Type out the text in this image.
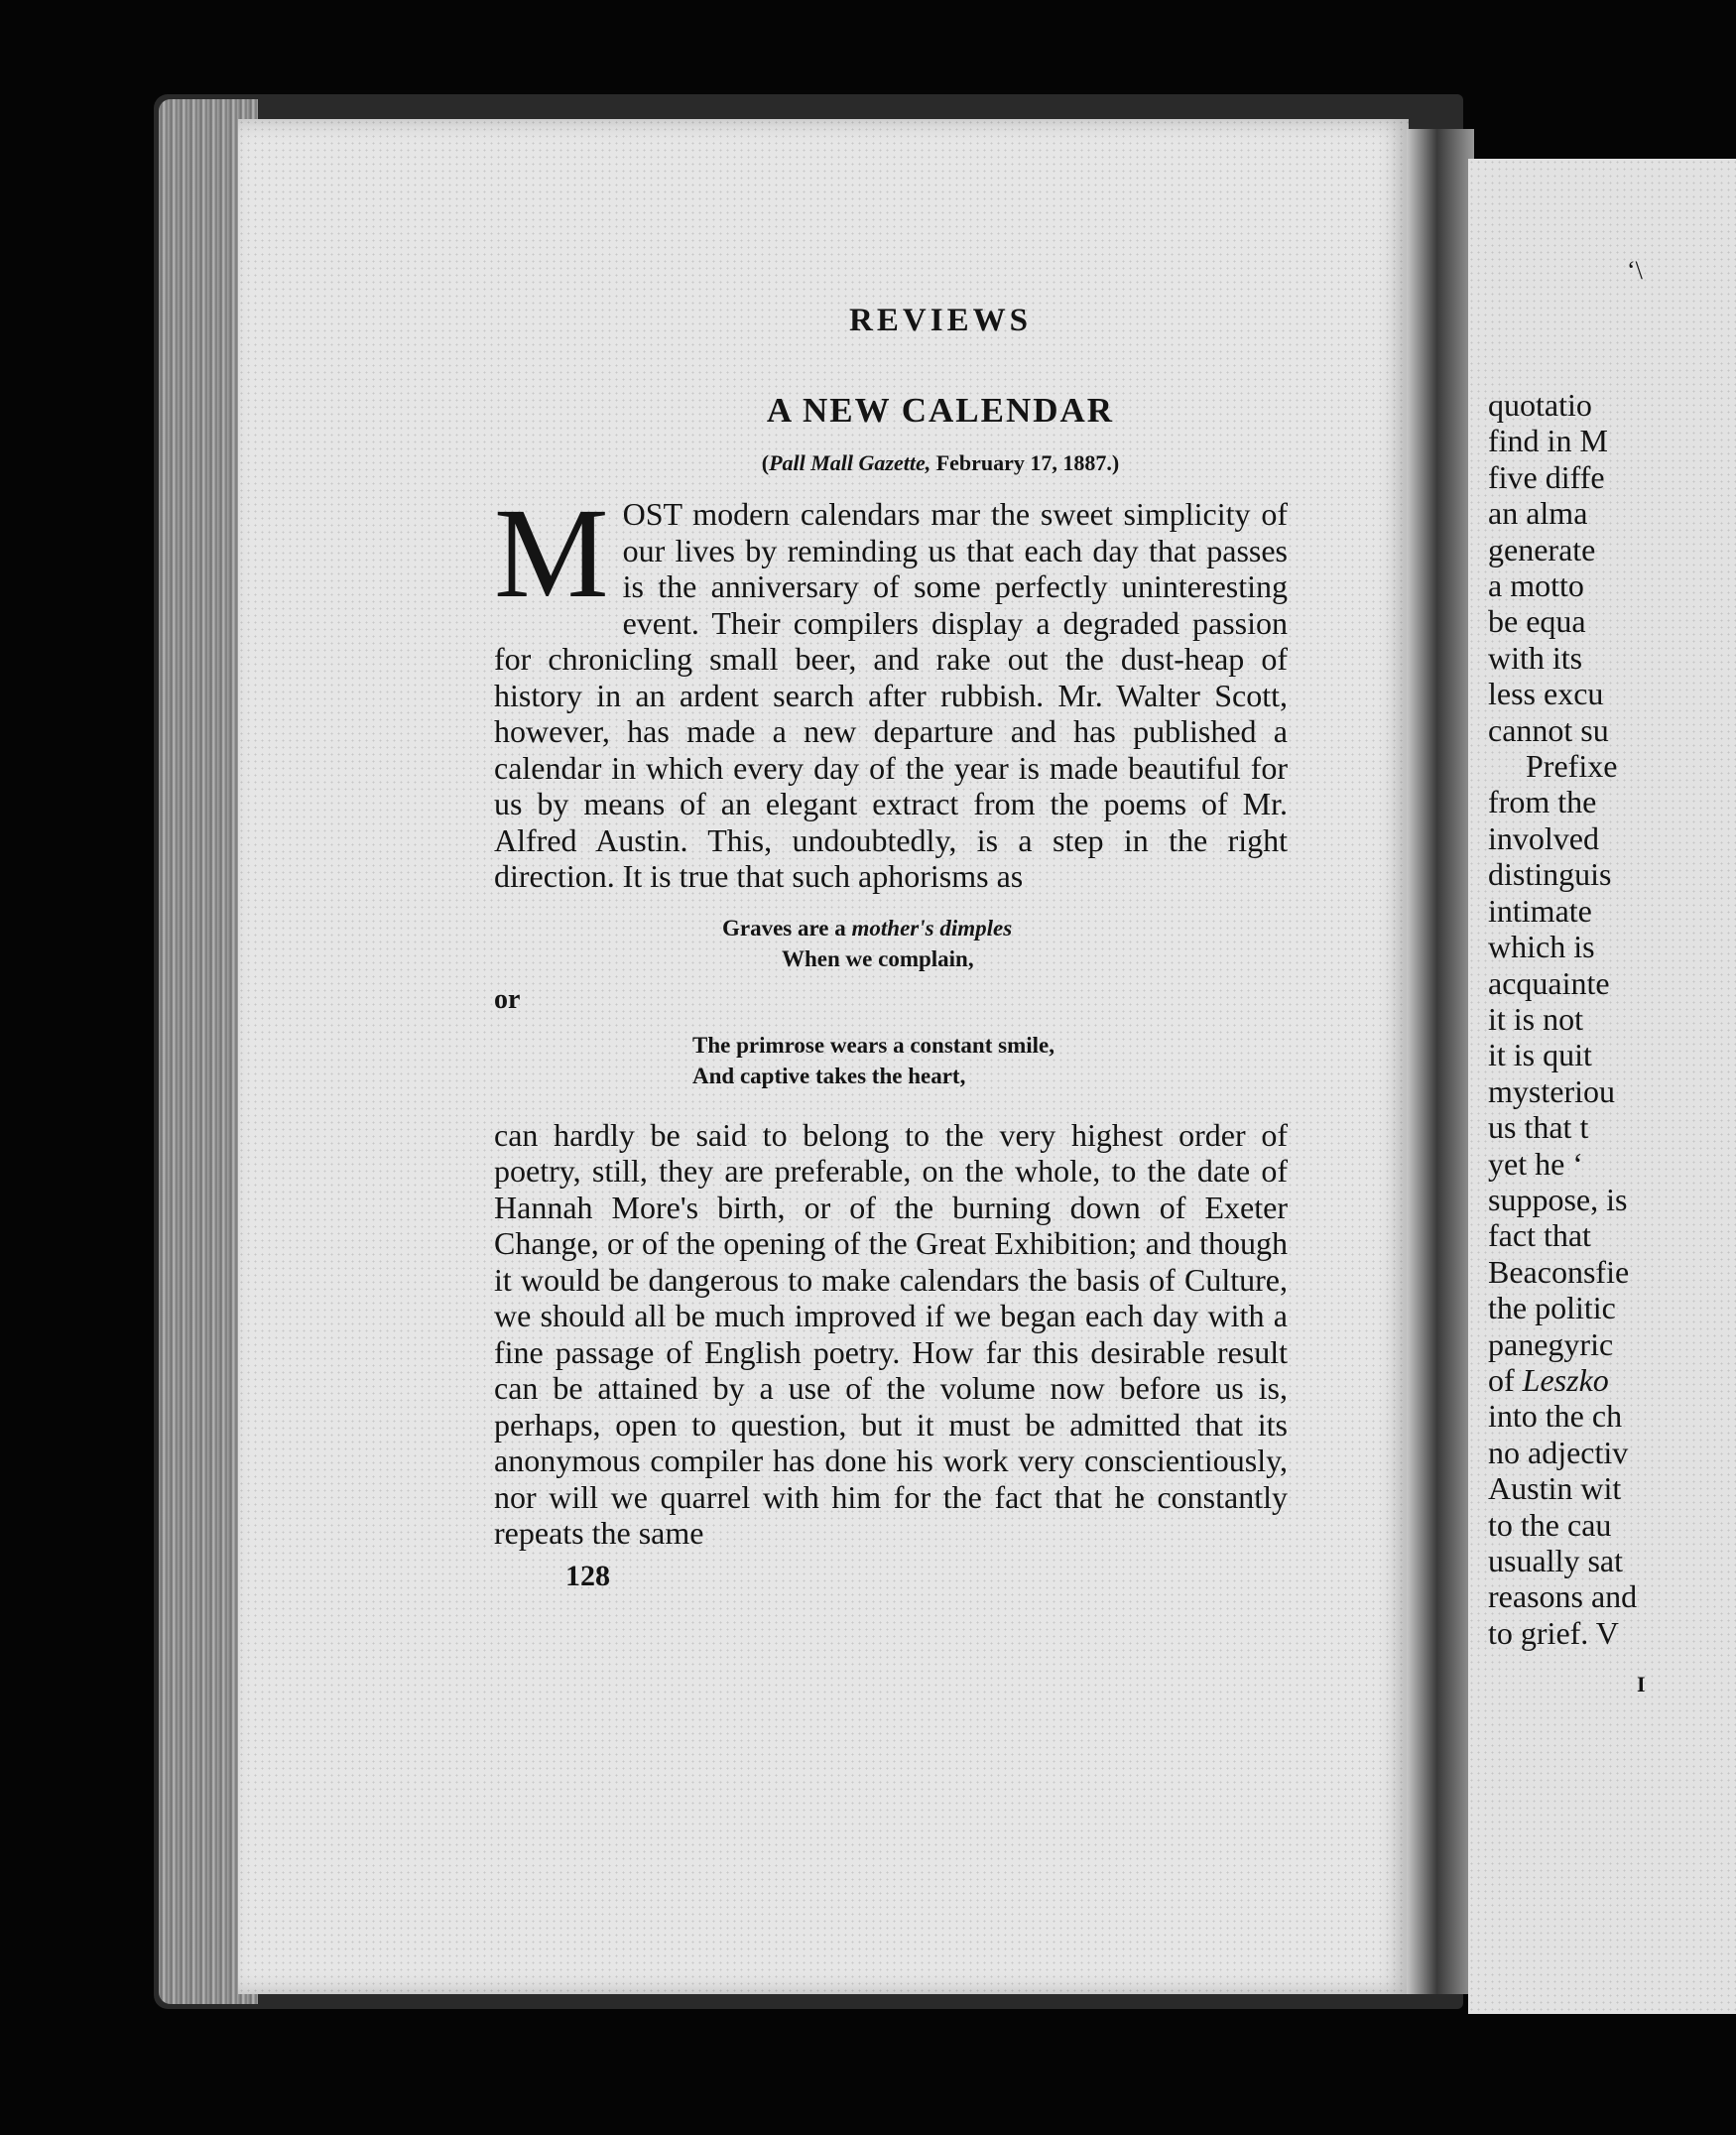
REVIEWS
A NEW CALENDAR
(Pall Mall Gazette, February 17, 1887.)
MOST modern calendars mar the sweet simplicity of our lives by reminding us that each day that passes is the anniversary of some perfectly uninteresting event. Their compilers display a degraded passion for chronicling small beer, and rake out the dust-heap of history in an ardent search after rubbish. Mr. Walter Scott, however, has made a new departure and has published a calendar in which every day of the year is made beautiful for us by means of an elegant extract from the poems of Mr. Alfred Austin. This, undoubtedly, is a step in the right direction. It is true that such aphorisms as
Graves are a mother's dimples
When we complain,
or
The primrose wears a constant smile,
And captive takes the heart,
can hardly be said to belong to the very highest order of poetry, still, they are preferable, on the whole, to the date of Hannah More's birth, or of the burning down of Exeter Change, or of the opening of the Great Exhibition; and though it would be dangerous to make calendars the basis of Culture, we should all be much improved if we began each day with a fine passage of English poetry. How far this desirable result can be attained by a use of the volume now before us is, perhaps, open to question, but it must be admitted that its anonymous compiler has done his work very conscientiously, nor will we quarrel with him for the fact that he constantly repeats the same
128
ʻ\
quotatio
find in M
five diffe
an alma
generate
a motto
be equa
with its
less excu
cannot su
Prefixe
from the
involved
distinguis
intimate
which is
acquainte
it is not
it is quit
mysteriou
us that t
yet he ‘
suppose, is
fact that
Beaconsfie
the politic
panegyric
of Leszko
into the ch
no adjectiv
Austin wit
to the cau
usually sat
reasons and
to grief. V
I
